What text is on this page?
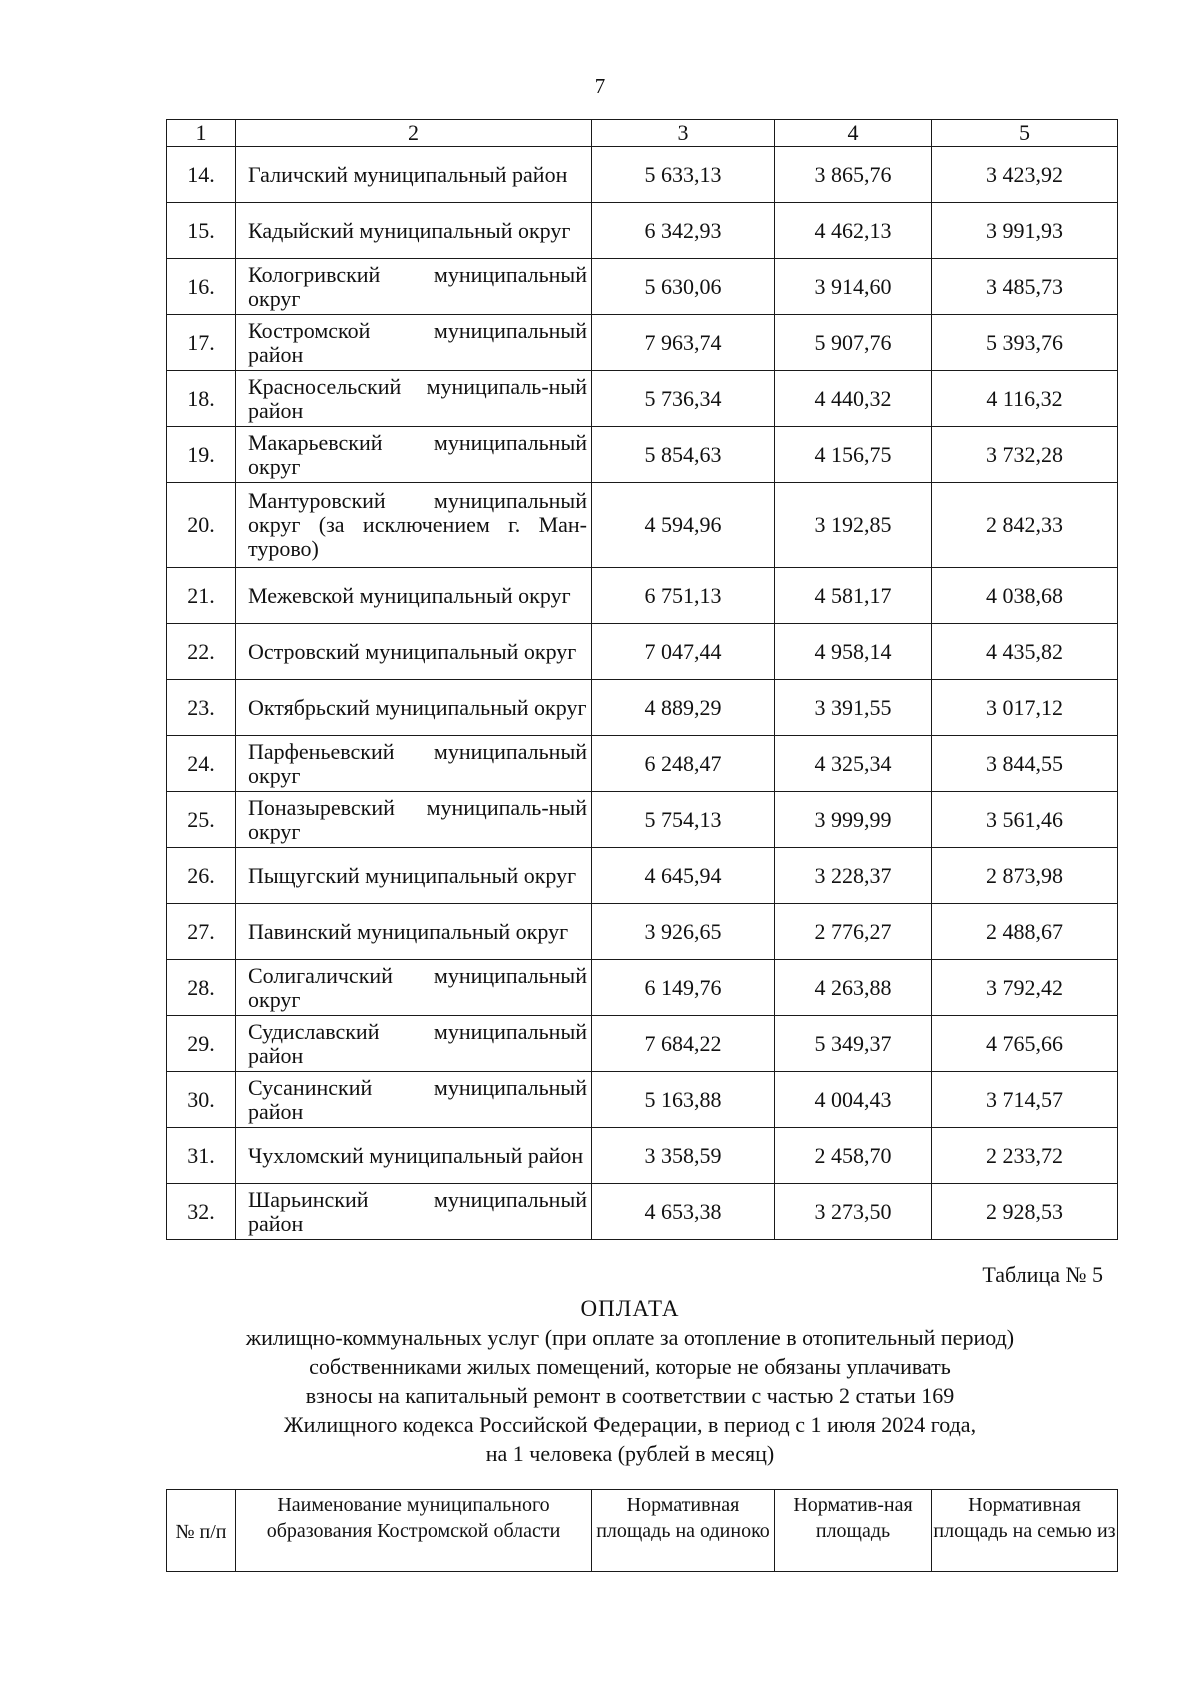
7
1	2	3	4	5
14.	Галичский муниципальный район	5 633,13	3 865,76	3 423,92
15.	Кадыйский муниципальный округ	6 342,93	4 462,13	3 991,93
16.	Кологривский муниципальный округ	5 630,06	3 914,60	3 485,73
17.	Костромской муниципальный район	7 963,74	5 907,76	5 393,76
18.	Красносельский муниципаль-ный район	5 736,34	4 440,32	4 116,32
19.	Макарьевский муниципальный округ	5 854,63	4 156,75	3 732,28
20.	Мантуровский муниципальный округ (за исключением г. Ман-турово)	4 594,96	3 192,85	2 842,33
21.	Межевской муниципальный округ	6 751,13	4 581,17	4 038,68
22.	Островский муниципальный округ	7 047,44	4 958,14	4 435,82
23.	Октябрьский муниципальный округ	4 889,29	3 391,55	3 017,12
24.	Парфеньевский муниципальный округ	6 248,47	4 325,34	3 844,55
25.	Поназыревский муниципаль-ный округ	5 754,13	3 999,99	3 561,46
26.	Пыщугский муниципальный округ	4 645,94	3 228,37	2 873,98
27.	Павинский муниципальный округ	3 926,65	2 776,27	2 488,67
28.	Солигаличский муниципальный округ	6 149,76	4 263,88	3 792,42
29.	Судиславский муниципальный район	7 684,22	5 349,37	4 765,66
30.	Сусанинский муниципальный район	5 163,88	4 004,43	3 714,57
31.	Чухломский муниципальный район	3 358,59	2 458,70	2 233,72
32.	Шарьинский муниципальный район	4 653,38	3 273,50	2 928,53
Таблица № 5
ОПЛАТА
жилищно-коммунальных услуг (при оплате за отопление в отопительный период)
собственниками жилых помещений, которые не обязаны уплачивать
взносы на капитальный ремонт в соответствии с частью 2 статьи 169
Жилищного кодекса Российской Федерации, в период с 1 июля 2024 года,
на 1 человека (рублей в месяц)
№ п/п	Наименование муниципального образования Костромской области	Нормативная площадь на одиноко	Норматив-ная площадь	Нормативная площадь на семью из
